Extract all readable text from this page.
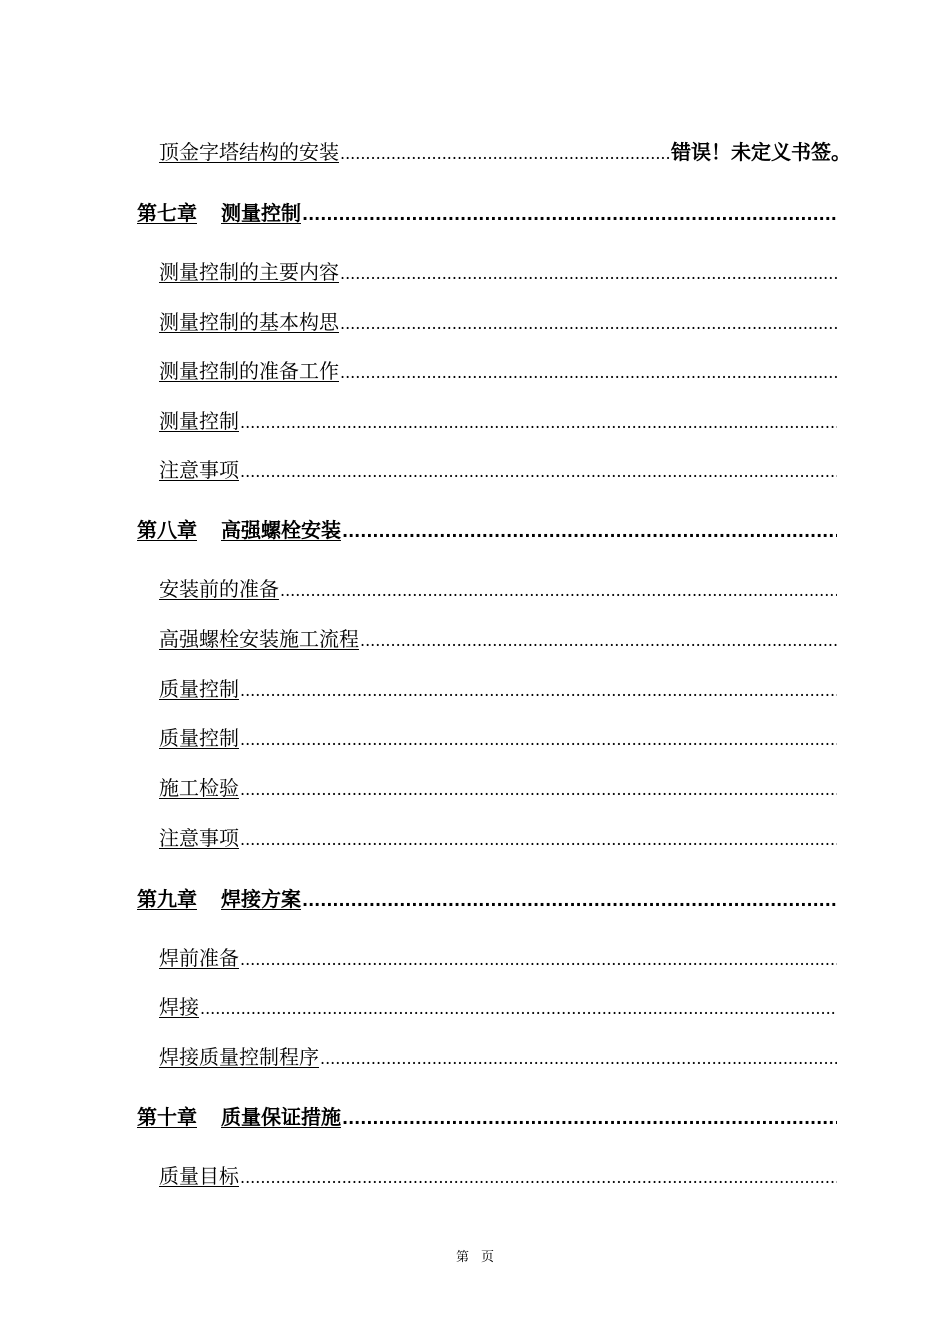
顶金字塔结构的安装
.....	错误！未定义书签。
第七章 测量控制
.....
测量控制的主要内容
.....
测量控制的基本构思
.....
测量控制的准备工作
.....
测量控制
.....
注意事项
.....
第八章 高强螺栓安装
.....
安装前的准备
.....
高强螺栓安装施工流程
.....
质量控制
.....
质量控制
.....
施工检验
.....
注意事项
.....
第九章 焊接方案
.....
焊前准备
.....
焊接
.....
焊接质量控制程序
.....
第十章 质量保证措施
.....
质量目标
.....
第 页
